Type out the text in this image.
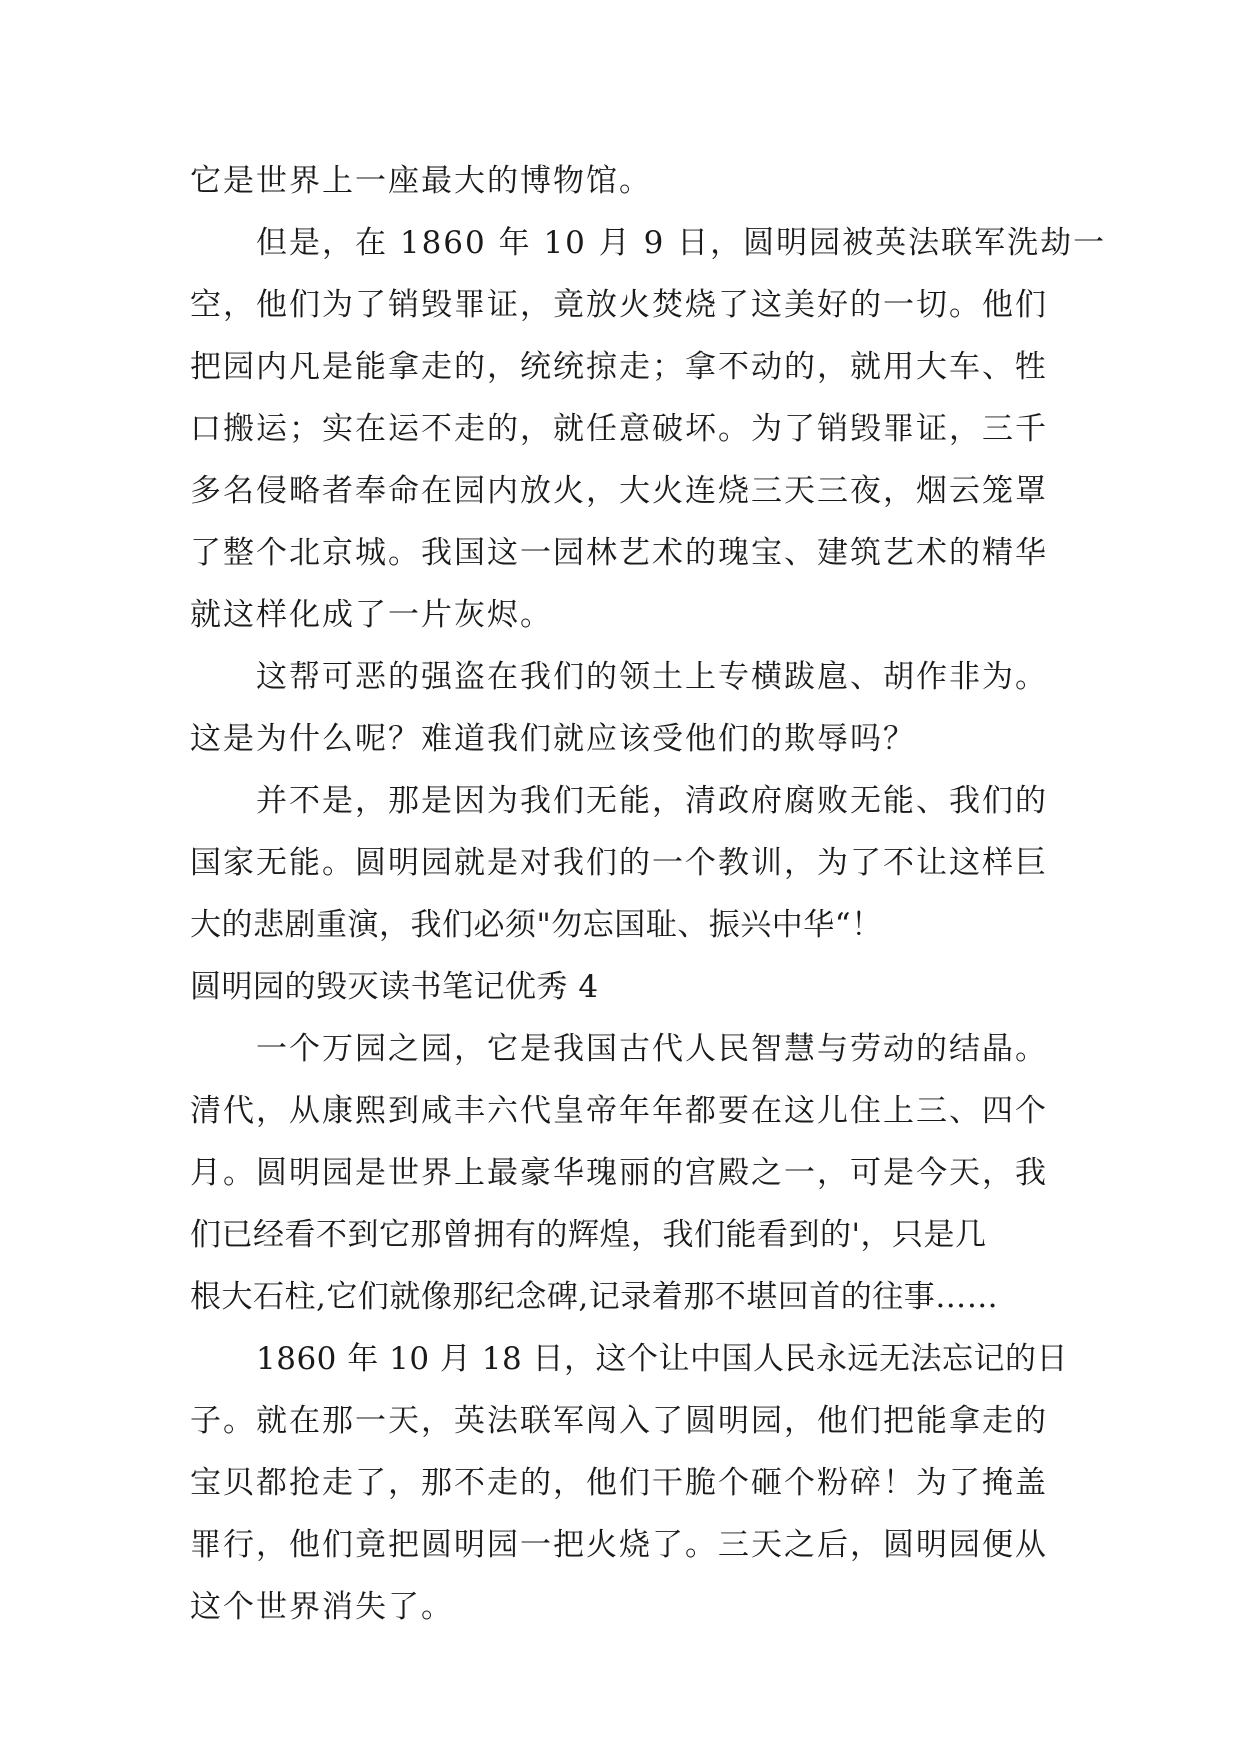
它是世界上一座最大的博物馆。
但是，在 1860 年 10 月 9 日，圆明园被英法联军洗劫一
空，他们为了销毁罪证，竟放火焚烧了这美好的一切。他们
把园内凡是能拿走的，统统掠走；拿不动的，就用大车、牲
口搬运；实在运不走的，就任意破坏。为了销毁罪证，三千
多名侵略者奉命在园内放火，大火连烧三天三夜，烟云笼罩
了整个北京城。我国这一园林艺术的瑰宝、建筑艺术的精华
就这样化成了一片灰烬。
这帮可恶的强盗在我们的领土上专横跋扈、胡作非为。
这是为什么呢？难道我们就应该受他们的欺辱吗？
并不是，那是因为我们无能，清政府腐败无能、我们的
国家无能。圆明园就是对我们的一个教训，为了不让这样巨
大的悲剧重演，我们必须"勿忘国耻、振兴中华“！
圆明园的毁灭读书笔记优秀 4
一个万园之园，它是我国古代人民智慧与劳动的结晶。
清代，从康熙到咸丰六代皇帝年年都要在这儿住上三、四个
月。圆明园是世界上最豪华瑰丽的宫殿之一，可是今天，我
们已经看不到它那曾拥有的辉煌，我们能看到的'，只是几
根大石柱,它们就像那纪念碑,记录着那不堪回首的往事……
1860 年 10 月 18 日，这个让中国人民永远无法忘记的日
子。就在那一天，英法联军闯入了圆明园，他们把能拿走的
宝贝都抢走了，那不走的，他们干脆个砸个粉碎！为了掩盖
罪行，他们竟把圆明园一把火烧了。三天之后，圆明园便从
这个世界消失了。
